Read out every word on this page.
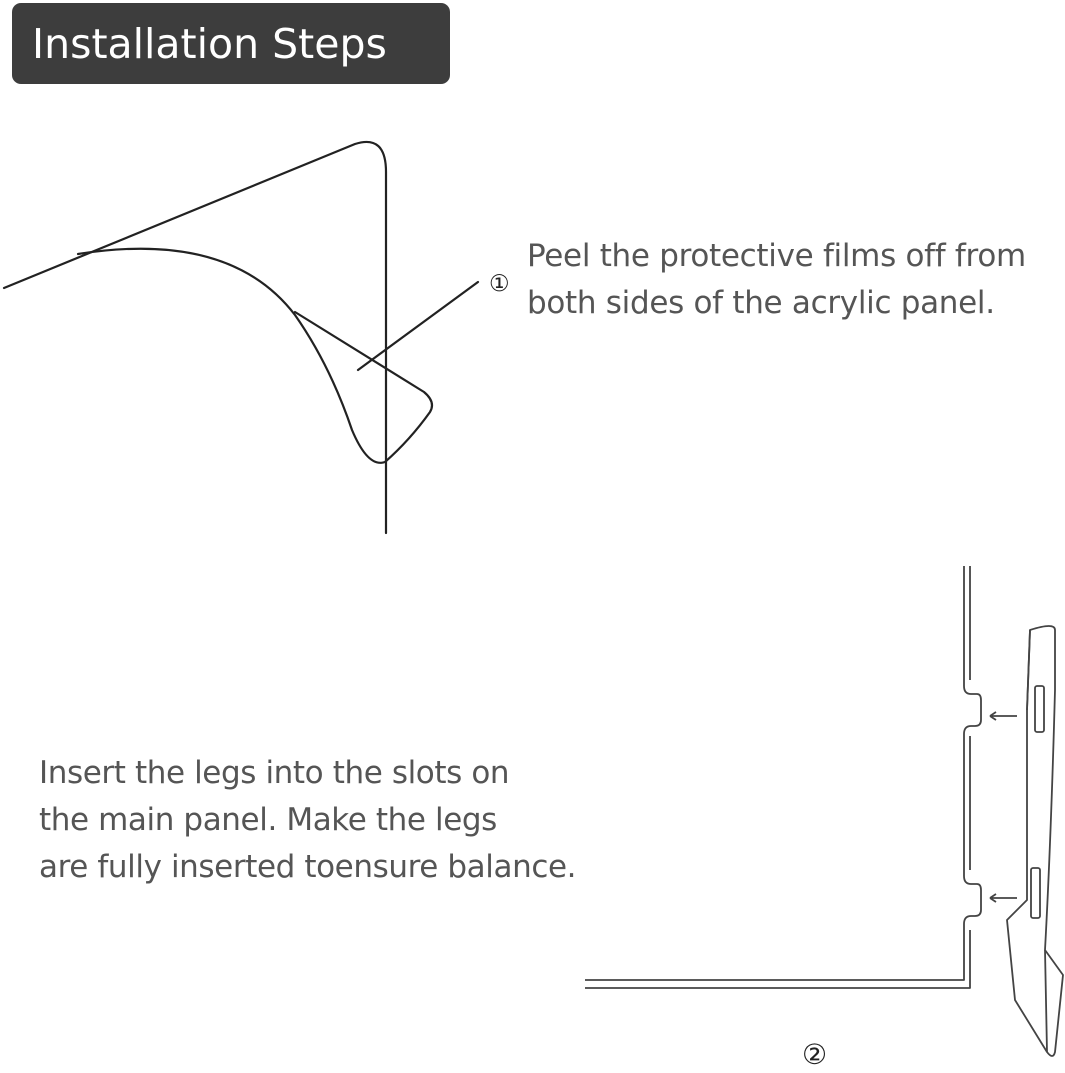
Installation Steps
①
Peel the protective films off from
both sides of the acrylic panel.
Insert the legs into the slots on
the main panel. Make the legs
are fully inserted toensure balance.
②
